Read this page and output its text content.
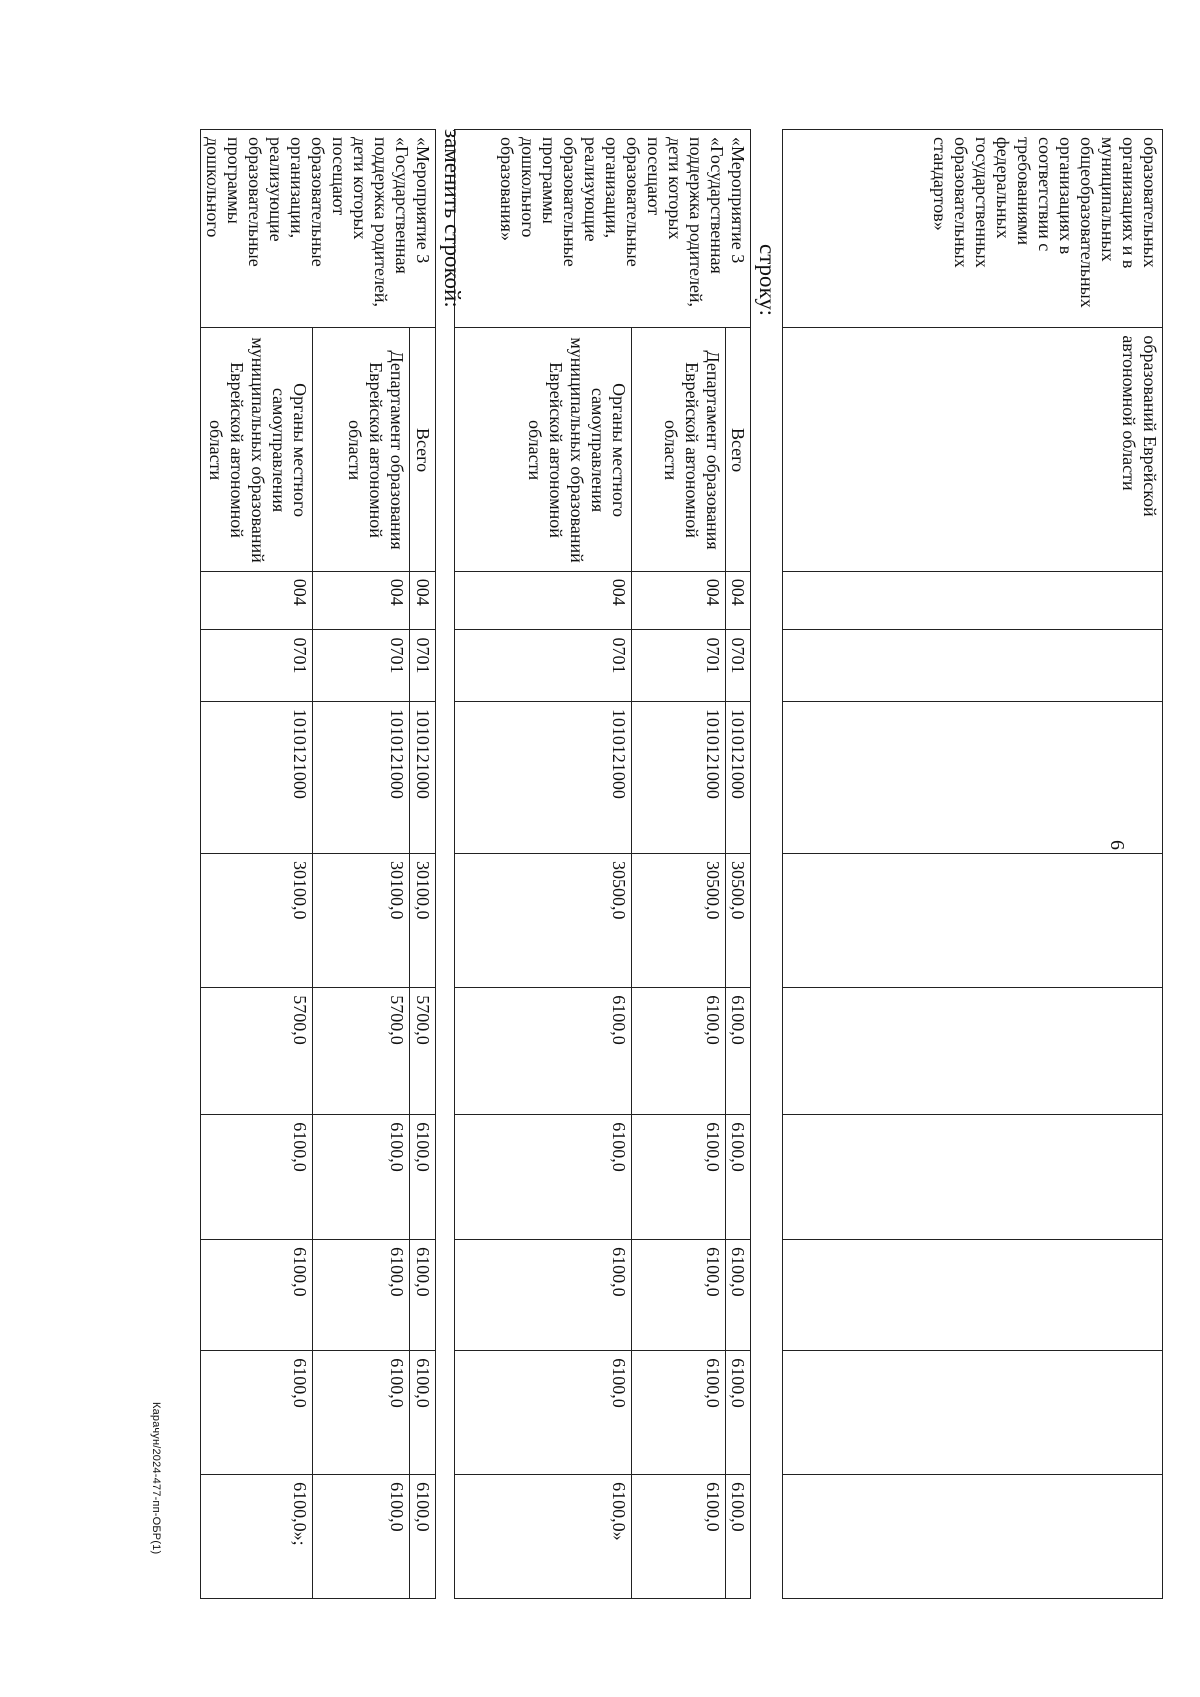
6
образовательных организациях и в муниципальных общеобразовательных организациях в соответствии с требованиями федеральных государственных образовательных стандартов»	образований Еврейской автономной области									
строку:
«Мероприятие 3 «Государственная поддержка родителей, дети которых посещают образовательные организации, реализующие образовательные программы дошкольного образования»	Всего	004	0701	1010121000	30500,0	6100,0	6100,0	6100,0	6100,0	6100,0
	Департамент образования Еврейской автономной области	004	0701	1010121000	30500,0	6100,0	6100,0	6100,0	6100,0	6100,0
	Органы местного самоуправления муниципальных образований Еврейской автономной области	004	0701	1010121000	30500,0	6100,0	6100,0	6100,0	6100,0	6100,0»
заменить строкой:
«Мероприятие 3 «Государственная поддержка родителей, дети которых посещают образовательные организации, реализующие образовательные программы дошкольного	Всего	004	0701	1010121000	30100,0	5700,0	6100,0	6100,0	6100,0	6100,0
	Департамент образования Еврейской автономной области	004	0701	1010121000	30100,0	5700,0	6100,0	6100,0	6100,0	6100,0
	Органы местного самоуправления муниципальных образований Еврейской автономной области	004	0701	1010121000	30100,0	5700,0	6100,0	6100,0	6100,0	6100,0»;
Карачун/2024-477-пп-ОБР(1)
